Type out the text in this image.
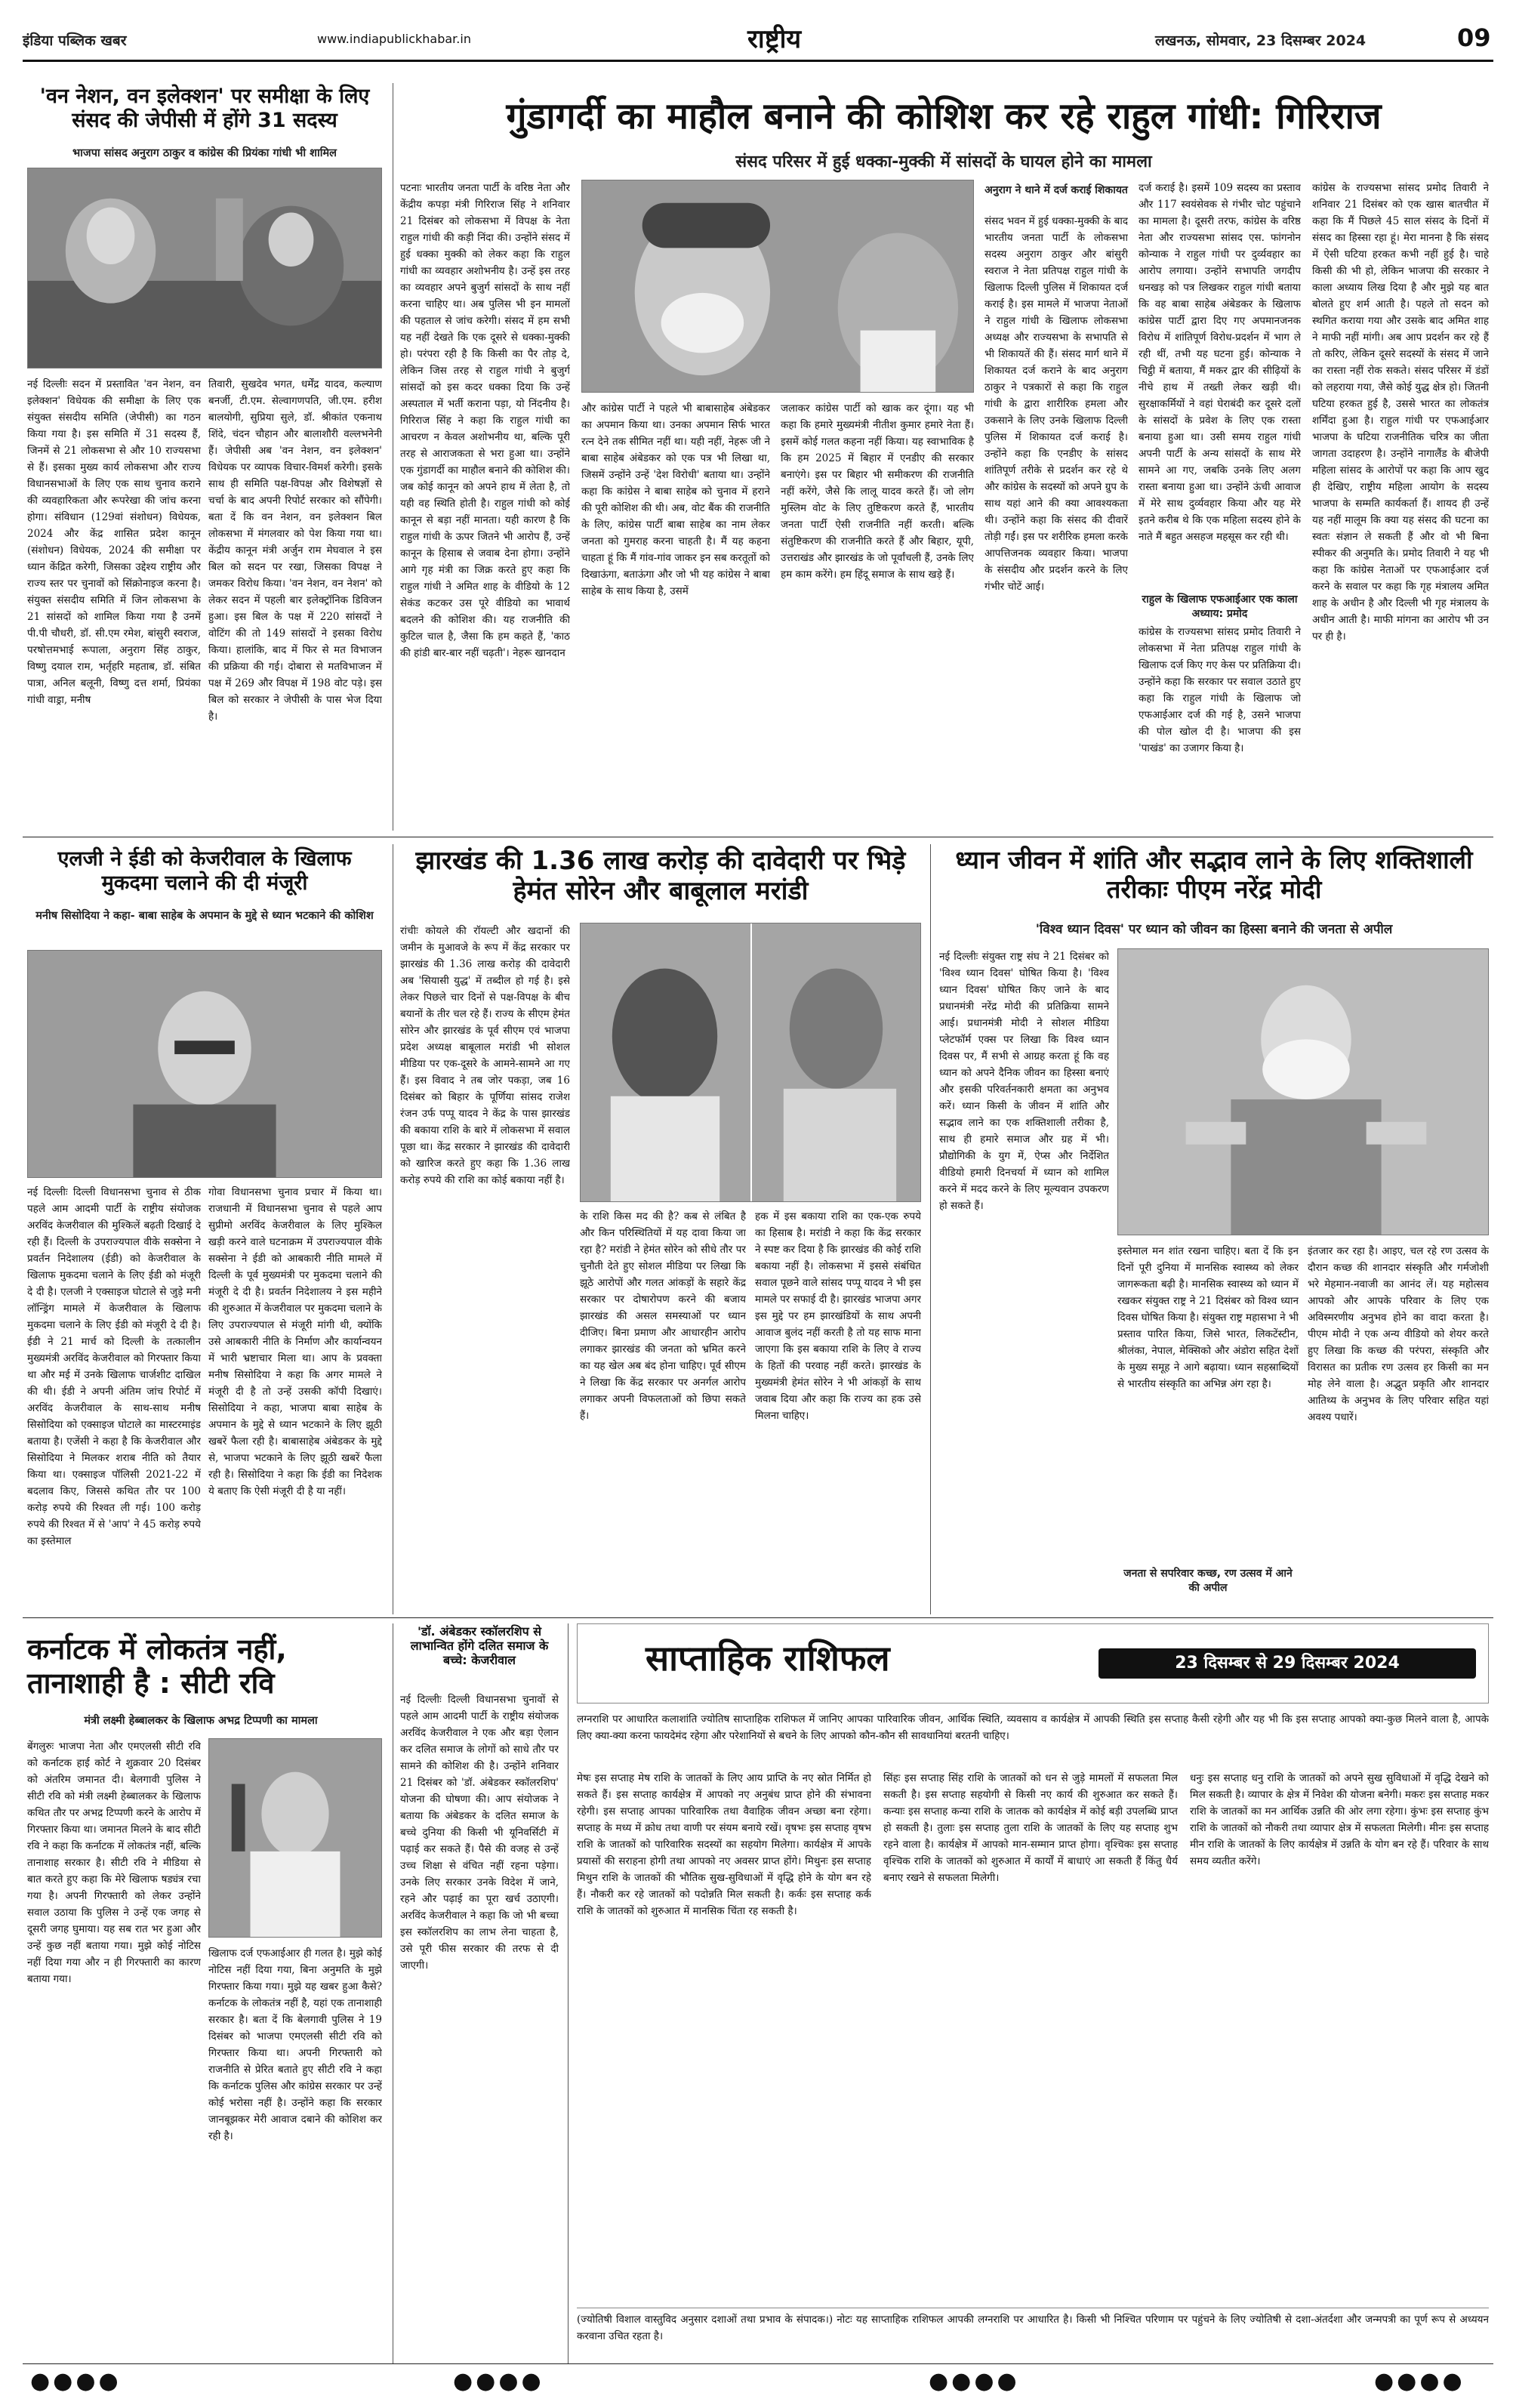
इंडिया पब्लिक खबर	www.indiapublickhabar.in	राष्ट्रीय	लखनऊ, सोमवार, 23 दिसम्बर 2024	09
'वन नेशन, वन इलेक्शन' पर समीक्षा के लिए संसद की जेपीसी में होंगे 31 सदस्य
भाजपा सांसद अनुराग ठाकुर व कांग्रेस की प्रियंका गांधी भी शामिल
नई दिल्लीः सदन में प्रस्तावित 'वन नेशन, वन इलेक्शन' विधेयक की समीक्षा के लिए एक संयुक्त संसदीय समिति (जेपीसी) का गठन किया गया है। इस समिति में 31 सदस्य हैं, जिनमें से 21 लोकसभा से और 10 राज्यसभा से हैं। इसका मुख्य कार्य लोकसभा और राज्य विधानसभाओं के लिए एक साथ चुनाव कराने की व्यवहारिकता और रूपरेखा की जांच करना होगा। संविधान (129वां संशोधन) विधेयक, 2024 और केंद्र शासित प्रदेश कानून (संशोधन) विधेयक, 2024 की समीक्षा पर ध्यान केंद्रित करेगी, जिसका उद्देश्य राष्ट्रीय और राज्य स्तर पर चुनावों को सिंक्रोनाइज करना है। संयुक्त संसदीय समिति में जिन लोकसभा के 21 सांसदों को शामिल किया गया है उनमें पी.पी चौधरी, डॉ. सी.एम रमेश, बांसुरी स्वराज, परषोत्तमभाई रूपाला, अनुराग सिंह ठाकुर, विष्णु दयाल राम, भर्तृहरि महताब, डॉ. संबित पात्रा, अनिल बलूनी, विष्णु दत्त शर्मा, प्रियंका गांधी वाड्रा, मनीष
तिवारी, सुखदेव भगत, धर्मेंद्र यादव, कल्याण बनर्जी, टी.एम. सेल्वागणपति, जी.एम. हरीश बालयोगी, सुप्रिया सुले, डॉ. श्रीकांत एकनाथ शिंदे, चंदन चौहान और बालाशौरी वल्लभनेनी हैं। जेपीसी अब 'वन नेशन, वन इलेक्शन' विधेयक पर व्यापक विचार-विमर्श करेगी। इसके साथ ही समिति पक्ष-विपक्ष और विशेषज्ञों से चर्चा के बाद अपनी रिपोर्ट सरकार को सौंपेगी। बता दें कि वन नेशन, वन इलेक्शन बिल लोकसभा में मंगलवार को पेश किया गया था। केंद्रीय कानून मंत्री अर्जुन राम मेघवाल ने इस बिल को सदन पर रखा, जिसका विपक्ष ने जमकर विरोध किया। 'वन नेशन, वन नेशन' को लेकर सदन में पहली बार इलेक्ट्रॉनिक डिविजन हुआ। इस बिल के पक्ष में 220 सांसदों ने वोटिंग की तो 149 सांसदों ने इसका विरोध किया। हालांकि, बाद में फिर से मत विभाजन की प्रक्रिया की गई। दोबारा से मतविभाजन में पक्ष में 269 और विपक्ष में 198 वोट पड़े। इस बिल को सरकार ने जेपीसी के पास भेज दिया है।
गुंडागर्दी का माहौल बनाने की कोशिश कर रहे राहुल गांधी: गिरिराज
संसद परिसर में हुई धक्का-मुक्की में सांसदों के घायल होने का मामला
पटनाः भारतीय जनता पार्टी के वरिष्ठ नेता और केंद्रीय कपड़ा मंत्री गिरिराज सिंह ने शनिवार 21 दिसंबर को लोकसभा में विपक्ष के नेता राहुल गांधी की कड़ी निंदा की। उन्होंने संसद में हुई धक्का मुक्की को लेकर कहा कि राहुल गांधी का व्यवहार अशोभनीय है। उन्हें इस तरह का व्यवहार अपने बुजुर्ग सांसदों के साथ नहीं करना चाहिए था। अब पुलिस भी इन मामलों की पहताल से जांच करेगी। संसद में हम सभी यह नहीं देखते कि एक दूसरे से धक्का-मुक्की हो। परंपरा रही है कि किसी का पैर तोड़ दे, लेकिन जिस तरह से राहुल गांधी ने बुजुर्ग सांसदों को इस कदर धक्का दिया कि उन्हें अस्पताल में भर्ती कराना पड़ा, यो निंदनीय है। गिरिराज सिंह ने कहा कि राहुल गांधी का आचरण न केवल अशोभनीय था, बल्कि पूरी तरह से आराजकता से भरा हुआ था। उन्होंने एक गुंडागर्दी का माहौल बनाने की कोशिश की। जब कोई कानून को अपने हाथ में लेता है, तो यही वह स्थिति होती है। राहुल गांधी को कोई कानून से बड़ा नहीं मानता। यही कारण है कि राहुल गांधी के ऊपर जितने भी आरोप हैं, उन्हें कानून के हिसाब से जवाब देना होगा। उन्होंने आगे गृह मंत्री का जिक्र करते हुए कहा कि राहुल गांधी ने अमित शाह के वीडियो के 12 सेकंड कटकर उस पूरे वीडियो का भावार्थ बदलने की कोशिश की। यह राजनीति की कुटिल चाल है, जैसा कि हम कहते हैं, 'काठ की हांडी बार-बार नहीं चढ़ती'। नेहरू खानदान
और कांग्रेस पार्टी ने पहले भी बाबासाहेब अंबेडकर का अपमान किया था। उनका अपमान सिर्फ भारत रत्न देने तक सीमित नहीं था। यही नहीं, नेहरू जी ने बाबा साहेब अंबेडकर को एक पत्र भी लिखा था, जिसमें उन्होंने उन्हें 'देश विरोधी' बताया था। उन्होंने कहा कि कांग्रेस ने बाबा साहेब को चुनाव में हराने की पूरी कोशिश की थी। अब, वोट बैंक की राजनीति के लिए, कांग्रेस पार्टी बाबा साहेब का नाम लेकर जनता को गुमराह करना चाहती है। मैं यह कहना चाहता हूं कि मैं गांव-गांव जाकर इन सब करतूतों को दिखाऊंगा, बताऊंगा और जो भी यह कांग्रेस ने बाबा साहेब के साथ किया है, उसमें
जलाकर कांग्रेस पार्टी को खाक कर दूंगा। यह भी कहा कि हमारे मुख्यमंत्री नीतीश कुमार हमारे नेता हैं। इसमें कोई गलत कहना नहीं किया। यह स्वाभाविक है कि हम 2025 में बिहार में एनडीए की सरकार बनाएंगे। इस पर बिहार भी समीकरण की राजनीति नहीं करेंगे, जैसे कि लालू यादव करते हैं। जो लोग मुस्लिम वोट के लिए तुष्टिकरण करते हैं, भारतीय जनता पार्टी ऐसी राजनीति नहीं करती। बल्कि संतुष्टिकरण की राजनीति करते हैं और बिहार, यूपी, उत्तराखंड और झारखंड के जो पूर्वांचली हैं, उनके लिए हम काम करेंगे। हम हिंदू समाज के साथ खड़े हैं।
अनुराग ने थाने में दर्ज कराई शिकायत
संसद भवन में हुई धक्का-मुक्की के बाद भारतीय जनता पार्टी के लोकसभा सदस्य अनुराग ठाकुर और बांसुरी स्वराज ने नेता प्रतिपक्ष राहुल गांधी के खिलाफ दिल्ली पुलिस में शिकायत दर्ज कराई है। इस मामले में भाजपा नेताओं ने राहुल गांधी के खिलाफ लोकसभा अध्यक्ष और राज्यसभा के सभापति से भी शिकायतें की हैं। संसद मार्ग थाने में शिकायत दर्ज कराने के बाद अनुराग ठाकुर ने पत्रकारों से कहा कि राहुल गांधी के द्वारा शारीरिक हमला और उकसाने के लिए उनके खिलाफ दिल्ली पुलिस में शिकायत दर्ज कराई है। उन्होंने कहा कि एनडीए के सांसद शांतिपूर्ण तरीके से प्रदर्शन कर रहे थे और कांग्रेस के सदस्यों को अपने ग्रुप के साथ यहां आने की क्या आवश्यकता थी। उन्होंने कहा कि संसद की दीवारें तोड़ी गईं। इस पर शरीरिक हमला करके आपत्तिजनक व्यवहार किया। भाजपा के संसदीय और प्रदर्शन करने के लिए गंभीर चोटें आई।
दर्ज कराई है। इसमें 109 सदस्य का प्रस्ताव और 117 स्वयंसेवक से गंभीर चोट पहुंचाने का मामला है। दूसरी तरफ, कांग्रेस के वरिष्ठ नेता और राज्यसभा सांसद एस. फांगनोन कोन्याक ने राहुल गांधी पर दुर्व्यवहार का आरोप लगाया। उन्होंने सभापति जगदीप धनखड़ को पत्र लिखकर राहुल गांधी बताया कि वह बाबा साहेब अंबेडकर के खिलाफ कांग्रेस पार्टी द्वारा दिए गए अपमानजनक विरोध में शांतिपूर्ण विरोध-प्रदर्शन में भाग ले रही थीं, तभी यह घटना हुई। कोन्याक ने चिट्ठी में बताया, मैं मकर द्वार की सीढ़ियों के नीचे हाथ में तख्ती लेकर खड़ी थी। सुरक्षाकर्मियों ने वहां घेराबंदी कर दूसरे दलों के सांसदों के प्रवेश के लिए एक रास्ता बनाया हुआ था। उसी समय राहुल गांधी अपनी पार्टी के अन्य सांसदों के साथ मेरे सामने आ गए, जबकि उनके लिए अलग रास्ता बनाया हुआ था। उन्होंने ऊंची आवाज में मेरे साथ दुर्व्यवहार किया और यह मेरे इतने करीब थे कि एक महिला सदस्य होने के नाते मैं बहुत असहज महसूस कर रही थी।
राहुल के खिलाफ एफआईआर एक काला अध्याय: प्रमोद
कांग्रेस के राज्यसभा सांसद प्रमोद तिवारी ने लोकसभा में नेता प्रतिपक्ष राहुल गांधी के खिलाफ दर्ज किए गए केस पर प्रतिक्रिया दी। उन्होंने कहा कि सरकार पर सवाल उठाते हुए कहा कि राहुल गांधी के खिलाफ जो एफआईआर दर्ज की गई है, उसने भाजपा की पोल खोल दी है। भाजपा की इस 'पाखंड' का उजागर किया है।
कांग्रेस के राज्यसभा सांसद प्रमोद तिवारी ने शनिवार 21 दिसंबर को एक खास बातचीत में कहा कि मैं पिछले 45 साल संसद के दिनों में संसद का हिस्सा रहा हूं। मेरा मानना है कि संसद में ऐसी घटिया हरकत कभी नहीं हुई है। चाहे किसी की भी हो, लेकिन भाजपा की सरकार ने काला अध्याय लिख दिया है और मुझे यह बात बोलते हुए शर्म आती है। पहले तो सदन को स्थगित कराया गया और उसके बाद अमित शाह ने माफी नहीं मांगी। अब आप प्रदर्शन कर रहे हैं तो करिए, लेकिन दूसरे सदस्यों के संसद में जाने का रास्ता नहीं रोक सकते। संसद परिसर में डंडों को लहराया गया, जैसे कोई युद्ध क्षेत्र हो। जितनी घटिया हरकत हुई है, उससे भारत का लोकतंत्र शर्मिंदा हुआ है। राहुल गांधी पर एफआईआर भाजपा के घटिया राजनीतिक चरित्र का जीता जागता उदाहरण है। उन्होंने नागालैंड के बीजेपी महिला सांसद के आरोपों पर कहा कि आप खुद ही देखिए, राष्ट्रीय महिला आयोग के सदस्य भाजपा के सम्मति कार्यकर्ता हैं। शायद ही उन्हें यह नहीं मालूम कि क्या यह संसद की घटना का स्वतः संज्ञान ले सकती हैं और वो भी बिना स्पीकर की अनुमति के। प्रमोद तिवारी ने यह भी कहा कि कांग्रेस नेताओं पर एफआईआर दर्ज करने के सवाल पर कहा कि गृह मंत्रालय अमित शाह के अधीन है और दिल्ली भी गृह मंत्रालय के अधीन आती है। माफी मांगना का आरोप भी उन पर ही है।
एलजी ने ईडी को केजरीवाल के खिलाफ मुकदमा चलाने की दी मंजूरी
मनीष सिसोदिया ने कहा- बाबा साहेब के अपमान के मुद्दे से ध्यान भटकाने की कोशिश
नई दिल्लीः दिल्ली विधानसभा चुनाव से ठीक पहले आम आदमी पार्टी के राष्ट्रीय संयोजक अरविंद केजरीवाल की मुश्किलें बढ़ती दिखाई दे रही हैं। दिल्ली के उपराज्यपाल वीके सक्सेना ने प्रवर्तन निदेशालय (ईडी) को केजरीवाल के खिलाफ मुकदमा चलाने के लिए ईडी को मंजूरी दे दी है। एलजी ने एक्साइज घोटाले से जुड़े मनी लॉन्ड्रिंग मामले में केजरीवाल के खिलाफ मुकदमा चलाने के लिए ईडी को मंजूरी दे दी है। ईडी ने 21 मार्च को दिल्ली के तत्कालीन मुख्यमंत्री अरविंद केजरीवाल को गिरफ्तार किया था और मई में उनके खिलाफ चार्जशीट दाखिल की थी। ईडी ने अपनी अंतिम जांच रिपोर्ट में अरविंद केजरीवाल के साथ-साथ मनीष सिसोदिया को एक्साइज घोटाले का मास्टरमाइंड बताया है। एजेंसी ने कहा है कि केजरीवाल और सिसोदिया ने मिलकर शराब नीति को तैयार किया था। एक्साइज पॉलिसी 2021-22 में बदलाव किए, जिससे कथित तौर पर 100 करोड़ रुपये की रिश्वत ली गई। 100 करोड़ रुपये की रिश्वत में से 'आप' ने 45 करोड़ रुपये का इस्तेमाल
गोवा विधानसभा चुनाव प्रचार में किया था। राजधानी में विधानसभा चुनाव से पहले आप सुप्रीमो अरविंद केजरीवाल के लिए मुश्किल खड़ी करने वाले घटनाक्रम में उपराज्यपाल वीके सक्सेना ने ईडी को आबकारी नीति मामले में दिल्ली के पूर्व मुख्यमंत्री पर मुकदमा चलाने की मंजूरी दे दी है। प्रवर्तन निदेशालय ने इस महीने की शुरुआत में केजरीवाल पर मुकदमा चलाने के लिए उपराज्यपाल से मंजूरी मांगी थी, क्योंकि उसे आबकारी नीति के निर्माण और कार्यान्वयन में भारी भ्रष्टाचार मिला था। आप के प्रवक्ता मनीष सिसोदिया ने कहा कि अगर मामले ने मंजूरी दी है तो उन्हें उसकी कॉपी दिखाएं। सिसोदिया ने कहा, भाजपा बाबा साहेब के अपमान के मुद्दे से ध्यान भटकाने के लिए झूठी खबरें फैला रही है। बाबासाहेब अंबेडकर के मुद्दे से, भाजपा भटकाने के लिए झूठी खबरें फैला रही है। सिसोदिया ने कहा कि ईडी का निदेशक ये बताए कि ऐसी मंजूरी दी है या नहीं।
झारखंड की 1.36 लाख करोड़ की दावेदारी पर भिड़े हेमंत सोरेन और बाबूलाल मरांडी
रांचीः कोयले की रॉयल्टी और खदानों की जमीन के मुआवजे के रूप में केंद्र सरकार पर झारखंड की 1.36 लाख करोड़ की दावेदारी अब 'सियासी युद्ध' में तब्दील हो गई है। इसे लेकर पिछले चार दिनों से पक्ष-विपक्ष के बीच बयानों के तीर चल रहे हैं। राज्य के सीएम हेमंत सोरेन और झारखंड के पूर्व सीएम एवं भाजपा प्रदेश अध्यक्ष बाबूलाल मरांडी भी सोशल मीडिया पर एक-दूसरे के आमने-सामने आ गए हैं। इस विवाद ने तब जोर पकड़ा, जब 16 दिसंबर को बिहार के पूर्णिया सांसद राजेश रंजन उर्फ पप्पू यादव ने केंद्र के पास झारखंड की बकाया राशि के बारे में लोकसभा में सवाल पूछा था। केंद्र सरकार ने झारखंड की दावेदारी को खारिज करते हुए कहा कि 1.36 लाख करोड़ रुपये की राशि का कोई बकाया नहीं है।
के राशि किस मद की है? कब से लंबित है और किन परिस्थितियों में यह दावा किया जा रहा है? मरांडी ने हेमंत सोरेन को सीधे तौर पर चुनौती देते हुए सोशल मीडिया पर लिखा कि झूठे आरोपों और गलत आंकड़ों के सहारे केंद्र सरकार पर दोषारोपण करने की बजाय झारखंड की असल समस्याओं पर ध्यान दीजिए। बिना प्रमाण और आधारहीन आरोप लगाकर झारखंड की जनता को भ्रमित करने का यह खेल अब बंद होना चाहिए। पूर्व सीएम ने लिखा कि केंद्र सरकार पर अनर्गल आरोप लगाकर अपनी विफलताओं को छिपा सकते हैं।
हक में इस बकाया राशि का एक-एक रुपये का हिसाब है। मरांडी ने कहा कि केंद्र सरकार ने स्पष्ट कर दिया है कि झारखंड की कोई राशि बकाया नहीं है। लोकसभा में इससे संबंधित सवाल पूछने वाले सांसद पप्पू यादव ने भी इस मामले पर सफाई दी है। झारखंड भाजपा अगर इस मुद्दे पर हम झारखंडियों के साथ अपनी आवाज बुलंद नहीं करती है तो यह साफ माना जाएगा कि इस बकाया राशि के लिए वे राज्य के हितों की परवाह नहीं करते। झारखंड के मुख्यमंत्री हेमंत सोरेन ने भी आंकड़ों के साथ जवाब दिया और कहा कि राज्य का हक उसे मिलना चाहिए।
ध्यान जीवन में शांति और सद्भाव लाने के लिए शक्तिशाली तरीकाः पीएम नरेंद्र मोदी
'विश्व ध्यान दिवस' पर ध्यान को जीवन का हिस्सा बनाने की जनता से अपील
नई दिल्लीः संयुक्त राष्ट्र संघ ने 21 दिसंबर को 'विश्व ध्यान दिवस' घोषित किया है। 'विश्व ध्यान दिवस' घोषित किए जाने के बाद प्रधानमंत्री नरेंद्र मोदी की प्रतिक्रिया सामने आई। प्रधानमंत्री मोदी ने सोशल मीडिया प्लेटफॉर्म एक्स पर लिखा कि विश्व ध्यान दिवस पर, मैं सभी से आग्रह करता हूं कि वह ध्यान को अपने दैनिक जीवन का हिस्सा बनाएं और इसकी परिवर्तनकारी क्षमता का अनुभव करें। ध्यान किसी के जीवन में शांति और सद्भाव लाने का एक शक्तिशाली तरीका है, साथ ही हमारे समाज और ग्रह में भी। प्रौद्योगिकी के युग में, ऐप्स और निर्देशित वीडियो हमारी दिनचर्या में ध्यान को शामिल करने में मदद करने के लिए मूल्यवान उपकरण हो सकते हैं।
इस्तेमाल मन शांत रखना चाहिए। बता दें कि इन दिनों पूरी दुनिया में मानसिक स्वास्थ्य को लेकर जागरूकता बढ़ी है। मानसिक स्वास्थ्य को ध्यान में रखकर संयुक्त राष्ट्र ने 21 दिसंबर को विश्व ध्यान दिवस घोषित किया है। संयुक्त राष्ट्र महासभा ने भी प्रस्ताव पारित किया, जिसे भारत, लिकटेंस्टीन, श्रीलंका, नेपाल, मेक्सिको और अंडोरा सहित देशों के मुख्य समूह ने आगे बढ़ाया। ध्यान सहस्राब्दियों से भारतीय संस्कृति का अभिन्न अंग रहा है।
जनता से सपरिवार कच्छ, रण उत्सव में आने की अपील
इंतजार कर रहा है। आइए, चल रहे रण उत्सव के दौरान कच्छ की शानदार संस्कृति और गर्मजोशी भरे मेहमान-नवाजी का आनंद लें। यह महोत्सव आपको और आपके परिवार के लिए एक अविस्मरणीय अनुभव होने का वादा करता है। पीएम मोदी ने एक अन्य वीडियो को शेयर करते हुए लिखा कि कच्छ की परंपरा, संस्कृति और विरासत का प्रतीक रण उत्सव हर किसी का मन मोह लेने वाला है। अद्भुत प्रकृति और शानदार आतिथ्य के अनुभव के लिए परिवार सहित यहां अवश्य पधारें।
कर्नाटक में लोकतंत्र नहीं, तानाशाही है : सीटी रवि
मंत्री लक्ष्मी हेब्बालकर के खिलाफ अभद्र टिप्पणी का मामला
बेंगलुरुः भाजपा नेता और एमएलसी सीटी रवि को कर्नाटक हाई कोर्ट ने शुक्रवार 20 दिसंबर को अंतरिम जमानत दी। बेलगावी पुलिस ने सीटी रवि को मंत्री लक्ष्मी हेब्बालकर के खिलाफ कथित तौर पर अभद्र टिप्पणी करने के आरोप में गिरफ्तार किया था। जमानत मिलने के बाद सीटी रवि ने कहा कि कर्नाटक में लोकतंत्र नहीं, बल्कि तानाशाह सरकार है। सीटी रवि ने मीडिया से बात करते हुए कहा कि मेरे खिलाफ षड्यंत्र रचा गया है। अपनी गिरफ्तारी को लेकर उन्होंने सवाल उठाया कि पुलिस ने उन्हें एक जगह से दूसरी जगह घुमाया। यह सब रात भर हुआ और उन्हें कुछ नहीं बताया गया। मुझे कोई नोटिस नहीं दिया गया और न ही गिरफ्तारी का कारण बताया गया।
खिलाफ दर्ज एफआईआर ही गलत है। मुझे कोई नोटिस नहीं दिया गया, बिना अनुमति के मुझे गिरफ्तार किया गया। मुझे यह खबर हुआ कैसे? कर्नाटक के लोकतंत्र नहीं है, यहां एक तानाशाही सरकार है। बता दें कि बेलगावी पुलिस ने 19 दिसंबर को भाजपा एमएलसी सीटी रवि को गिरफ्तार किया था। अपनी गिरफ्तारी को राजनीति से प्रेरित बताते हुए सीटी रवि ने कहा कि कर्नाटक पुलिस और कांग्रेस सरकार पर उन्हें कोई भरोसा नहीं है। उन्होंने कहा कि सरकार जानबूझकर मेरी आवाज दबाने की कोशिश कर रही है।
'डॉ. अंबेडकर स्कॉलरशिप से लाभान्वित होंगे दलित समाज के बच्चे: केजरीवाल
नई दिल्लीः दिल्ली विधानसभा चुनावों से पहले आम आदमी पार्टी के राष्ट्रीय संयोजक अरविंद केजरीवाल ने एक और बड़ा ऐलान कर दलित समाज के लोगों को साधे तौर पर सामने की कोशिश की है। उन्होंने शनिवार 21 दिसंबर को 'डॉ. अंबेडकर स्कॉलरशिप' योजना की घोषणा की। आप संयोजक ने बताया कि अंबेडकर के दलित समाज के बच्चे दुनिया की किसी भी यूनिवर्सिटी में पढ़ाई कर सकते हैं। पैसे की वजह से उन्हें उच्च शिक्षा से वंचित नहीं रहना पड़ेगा। उनके लिए सरकार उनके विदेश में जाने, रहने और पढ़ाई का पूरा खर्च उठाएगी। अरविंद केजरीवाल ने कहा कि जो भी बच्चा इस स्कॉलरशिप का लाभ लेना चाहता है, उसे पूरी फीस सरकार की तरफ से दी जाएगी।
साप्ताहिक राशिफल	23 दिसम्बर से 29 दिसम्बर 2024
लग्नराशि पर आधारित कलाशांति ज्योतिष साप्ताहिक राशिफल में जानिए आपका पारिवारिक जीवन, आर्थिक स्थिति, व्यवसाय व कार्यक्षेत्र में आपकी स्थिति इस सप्ताह कैसी रहेगी और यह भी कि इस सप्ताह आपको क्या-कुछ मिलने वाला है, आपके लिए क्या-क्या करना फायदेमंद रहेगा और परेशानियों से बचने के लिए आपको कौन-कौन सी सावधानियां बरतनी चाहिए।
मेषः इस सप्ताह मेष राशि के जातकों के लिए आय प्राप्ति के नए स्रोत निर्मित हो सकते हैं। इस सप्ताह कार्यक्षेत्र में आपको नए अनुबंध प्राप्त होने की संभावना रहेगी। इस सप्ताह आपका पारिवारिक तथा वैवाहिक जीवन अच्छा बना रहेगा। सप्ताह के मध्य में क्रोध तथा वाणी पर संयम बनाये रखें। वृषभः इस सप्ताह वृषभ राशि के जातकों को पारिवारिक सदस्यों का सहयोग मिलेगा। कार्यक्षेत्र में आपके प्रयासों की सराहना होगी तथा आपको नए अवसर प्राप्त होंगे। मिथुनः इस सप्ताह मिथुन राशि के जातकों की भौतिक सुख-सुविधाओं में वृद्धि होने के योग बन रहे हैं। नौकरी कर रहे जातकों को पदोन्नति मिल सकती है। कर्कः इस सप्ताह कर्क राशि के जातकों को शुरुआत में मानसिक चिंता रह सकती है।
सिंहः इस सप्ताह सिंह राशि के जातकों को धन से जुड़े मामलों में सफलता मिल सकती है। इस सप्ताह सहयोगी से किसी नए कार्य की शुरुआत कर सकते हैं। कन्याः इस सप्ताह कन्या राशि के जातक को कार्यक्षेत्र में कोई बड़ी उपलब्धि प्राप्त हो सकती है। तुलाः इस सप्ताह तुला राशि के जातकों के लिए यह सप्ताह शुभ रहने वाला है। कार्यक्षेत्र में आपको मान-सम्मान प्राप्त होगा। वृश्चिकः इस सप्ताह वृश्चिक राशि के जातकों को शुरुआत में कार्यों में बाधाएं आ सकती हैं किंतु धैर्य बनाए रखने से सफलता मिलेगी।
धनुः इस सप्ताह धनु राशि के जातकों को अपने सुख सुविधाओं में वृद्धि देखने को मिल सकती है। व्यापार के क्षेत्र में निवेश की योजना बनेगी। मकरः इस सप्ताह मकर राशि के जातकों का मन आर्थिक उन्नति की ओर लगा रहेगा। कुंभः इस सप्ताह कुंभ राशि के जातकों को नौकरी तथा व्यापार क्षेत्र में सफलता मिलेगी। मीनः इस सप्ताह मीन राशि के जातकों के लिए कार्यक्षेत्र में उन्नति के योग बन रहे हैं। परिवार के साथ समय व्यतीत करेंगे।
(ज्योतिषी विशाल वास्तुविद अनुसार दशाओं तथा प्रभाव के संपादक।) नोटः यह साप्ताहिक राशिफल आपकी लग्नराशि पर आधारित है। किसी भी निश्चित परिणाम पर पहुंचने के लिए ज्योतिषी से दशा-अंतर्दशा और जन्मपत्री का पूर्ण रूप से अध्ययन करवाना उचित रहता है।
●●●●	●●●●	●●●●	●●●●
